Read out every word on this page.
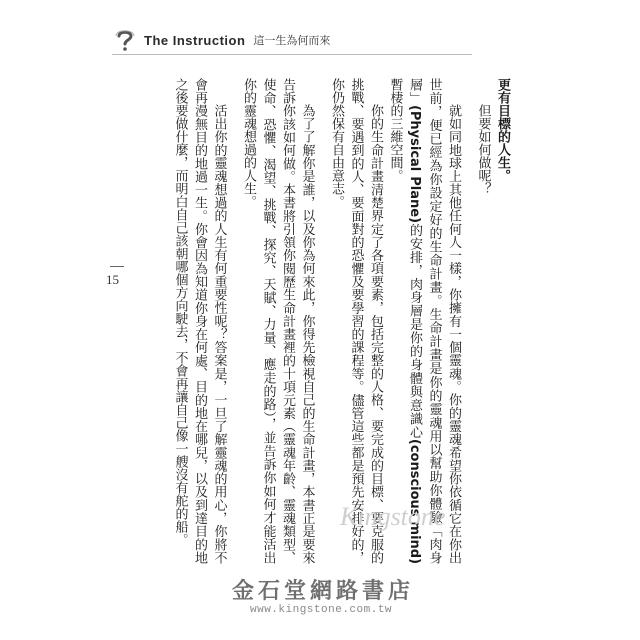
The Instruction 這一生為何而來
15

更有目標的人生。

但要如何做呢？

就如同地球上其他任何人一樣，你擁有一個靈魂。你的靈魂希望你依循它在你出世前，便已經為你設定好的生命計畫。生命計畫是你的靈魂用以幫助你體驗「肉身層」(Physical Plane)的安排，肉身層是你的身體與意識心(conscious mind)暫棲的三維空間。

你的生命計畫清楚界定了各項要素，包括完整的人格、要完成的目標、要克服的挑戰、要遇到的人、要面對的恐懼及要學習的課程等。儘管這些都是預先安排好的，你仍然保有自由意志。

為了了解你是誰，以及你為何來此，你得先檢視自己的生命計畫，本書正是要來告訴你該如何做。本書將引領你閱歷生命計畫裡的十項元素（靈魂年齡、靈魂類型、使命、恐懼、渴望、挑戰、探究、天賦、力量、應走的路），並告訴你如何才能活出你的靈魂想過的人生。

活出你的靈魂想過的人生有何重要性呢？答案是，一旦了解靈魂的用心，你將不會再漫無目的地過一生。你會因為知道你身在何處、目的地在哪兒，以及到達目的地之後要做什麼，而明白自己該朝哪個方向駛去，不會再讓自己像一艘沒有舵的船。	Kingstone
金石堂網路書店
www.kingstone.com.tw
